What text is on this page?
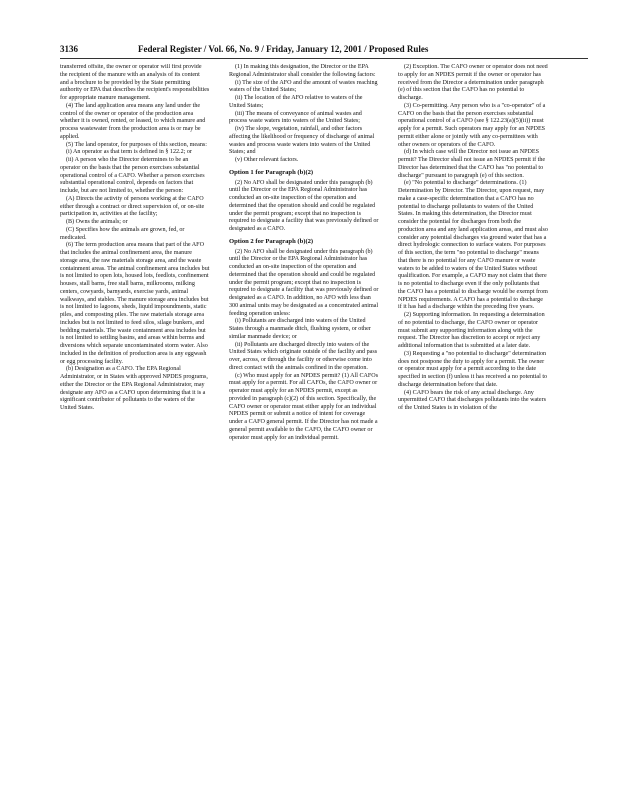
3136	Federal Register / Vol. 66, No. 9 / Friday, January 12, 2001 / Proposed Rules

transferred offsite, the owner or operator will first provide the recipient of the manure with an analysis of its content and a brochure to be provided by the State permitting authority or EPA that describes the recipient's responsibilities for appropriate manure management.

(4) The land application area means any land under the control of the owner or operator of the production area whether it is owned, rented, or leased, to which manure and process wastewater from the production area is or may be applied.

(5) The land operator, for purposes of this section, means:

(i) An operator as that term is defined in § 122.2; or

(ii) A person who the Director determines to be an operator on the basis that the person exercises substantial operational control of a CAFO. Whether a person exercises substantial operational control, depends on factors that include, but are not limited to, whether the person:

(A) Directs the activity of persons working at the CAFO either through a contract or direct supervision of, or on-site participation in, activities at the facility;

(B) Owns the animals; or

(C) Specifies how the animals are grown, fed, or medicated.

(6) The term production area means that part of the AFO that includes the animal confinement area, the manure storage area, the raw materials storage area, and the waste containment areas. The animal confinement area includes but is not limited to open lots, housed lots, feedlots, confinement houses, stall barns, free stall barns, milkrooms, milking centers, cowyards, barnyards, exercise yards, animal walkways, and stables. The manure storage area includes but is not limited to lagoons, sheds, liquid impoundments, static piles, and composting piles. The raw materials storage area includes but is not limited to feed silos, silage bunkers, and bedding materials. The waste containment area includes but is not limited to settling basins, and areas within berms and diversions which separate uncontaminated storm water. Also included in the definition of production area is any eggwash or egg processing facility.

(b) Designation as a CAFO. The EPA Regional Administrator, or in States with approved NPDES programs, either the Director or the EPA Regional Administrator, may designate any AFO as a CAFO upon determining that it is a significant contributor of pollutants to the waters of the United States.

(1) In making this designation, the Director or the EPA Regional Administrator shall consider the following factors:

(i) The size of the AFO and the amount of wastes reaching waters of the United States;

(ii) The location of the AFO relative to waters of the United States;

(iii) The means of conveyance of animal wastes and process waste waters into waters of the United States;

(iv) The slope, vegetation, rainfall, and other factors affecting the likelihood or frequency of discharge of animal wastes and process waste waters into waters of the United States; and

(v) Other relevant factors.

Option 1 for Paragraph (b)(2)

(2) No AFO shall be designated under this paragraph (b) until the Director or the EPA Regional Administrator has conducted an on-site inspection of the operation and determined that the operation should and could be regulated under the permit program; except that no inspection is required to designate a facility that was previously defined or designated as a CAFO.

Option 2 for Paragraph (b)(2)

(2) No AFO shall be designated under this paragraph (b) until the Director or the EPA Regional Administrator has conducted an on-site inspection of the operation and determined that the operation should and could be regulated under the permit program; except that no inspection is required to designate a facility that was previously defined or designated as a CAFO. In addition, no AFO with less than 300 animal units may be designated as a concentrated animal feeding operation unless:

(i) Pollutants are discharged into waters of the United States through a manmade ditch, flushing system, or other similar manmade device; or

(ii) Pollutants are discharged directly into waters of the United States which originate outside of the facility and pass over, across, or through the facility or otherwise come into direct contact with the animals confined in the operation.

(c) Who must apply for an NPDES permit? (1) All CAFOs must apply for a permit. For all CAFOs, the CAFO owner or operator must apply for an NPDES permit, except as provided in paragraph (c)(2) of this section. Specifically, the CAFO owner or operator must either apply for an individual NPDES permit or submit a notice of intent for coverage under a CAFO general permit. If the Director has not made a general permit available to the CAFO, the CAFO owner or operator must apply for an individual permit.

(2) Exception. The CAFO owner or operator does not need to apply for an NPDES permit if the owner or operator has received from the Director a determination under paragraph (e) of this section that the CAFO has no potential to discharge.

(3) Co-permitting. Any person who is a "co-operator" of a CAFO on the basis that the person exercises substantial operational control of a CAFO (see § 122.23(a)(5)(ii)) must apply for a permit. Such operators may apply for an NPDES permit either alone or jointly with any co-permittees with other owners or operators of the CAFO.

(d) In which case will the Director not issue an NPDES permit? The Director shall not issue an NPDES permit if the Director has determined that the CAFO has "no potential to discharge" pursuant to paragraph (e) of this section.

(e) "No potential to discharge" determinations. (1) Determination by Director. The Director, upon request, may make a case-specific determination that a CAFO has no potential to discharge pollutants to waters of the United States. In making this determination, the Director must consider the potential for discharges from both the production area and any land application areas, and must also consider any potential discharges via ground water that has a direct hydrologic connection to surface waters. For purposes of this section, the term "no potential to discharge" means that there is no potential for any CAFO manure or waste waters to be added to waters of the United States without qualification. For example, a CAFO may not claim that there is no potential to discharge even if the only pollutants that the CAFO has a potential to discharge would be exempt from NPDES requirements. A CAFO has a potential to discharge if it has had a discharge within the preceding five years.

(2) Supporting information. In requesting a determination of no potential to discharge, the CAFO owner or operator must submit any supporting information along with the request. The Director has discretion to accept or reject any additional information that is submitted at a later date.

(3) Requesting a "no potential to discharge" determination does not postpone the duty to apply for a permit. The owner or operator must apply for a permit according to the date specified in section (f) unless it has received a no potential to discharge determination before that date.

(4) CAFO bears the risk of any actual discharge. Any unpermitted CAFO that discharges pollutants into the waters of the United States is in violation of the
